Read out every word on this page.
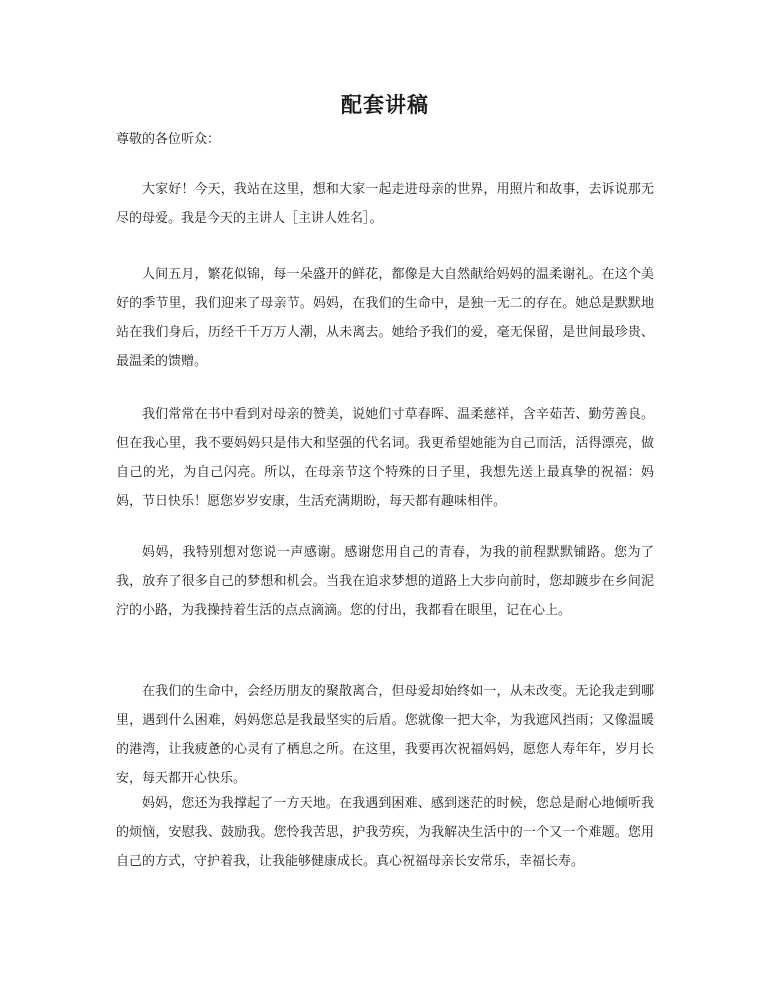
配套讲稿
尊敬的各位听众：

大家好！今天，我站在这里，想和大家一起走进母亲的世界，用照片和故事，去诉说那无尽的母爱。我是今天的主讲人［主讲人姓名］。

人间五月，繁花似锦，每一朵盛开的鲜花，都像是大自然献给妈妈的温柔谢礼。在这个美好的季节里，我们迎来了母亲节。妈妈，在我们的生命中，是独一无二的存在。她总是默默地站在我们身后，历经千千万万人潮，从未离去。她给予我们的爱，毫无保留，是世间最珍贵、最温柔的馈赠。

我们常常在书中看到对母亲的赞美，说她们寸草春晖、温柔慈祥，含辛茹苦、勤劳善良。但在我心里，我不要妈妈只是伟大和坚强的代名词。我更希望她能为自己而活，活得漂亮，做自己的光，为自己闪亮。所以，在母亲节这个特殊的日子里，我想先送上最真挚的祝福：妈妈，节日快乐！愿您岁岁安康，生活充满期盼，每天都有趣味相伴。

妈妈，我特别想对您说一声感谢。感谢您用自己的青春，为我的前程默默铺路。您为了我，放弃了很多自己的梦想和机会。当我在追求梦想的道路上大步向前时，您却踱步在乡间泥泞的小路，为我操持着生活的点点滴滴。您的付出，我都看在眼里，记在心上。

在我们的生命中，会经历朋友的聚散离合，但母爱却始终如一，从未改变。无论我走到哪里，遇到什么困难，妈妈您总是我最坚实的后盾。您就像一把大伞，为我遮风挡雨；又像温暖的港湾，让我疲惫的心灵有了栖息之所。在这里，我要再次祝福妈妈，愿您人寿年年，岁月长安，每天都开心快乐。

妈妈，您还为我撑起了一方天地。在我遇到困难、感到迷茫的时候，您总是耐心地倾听我的烦恼，安慰我、鼓励我。您怜我苦思，护我劳疾，为我解决生活中的一个又一个难题。您用自己的方式，守护着我，让我能够健康成长。真心祝福母亲长安常乐，幸福长寿。
